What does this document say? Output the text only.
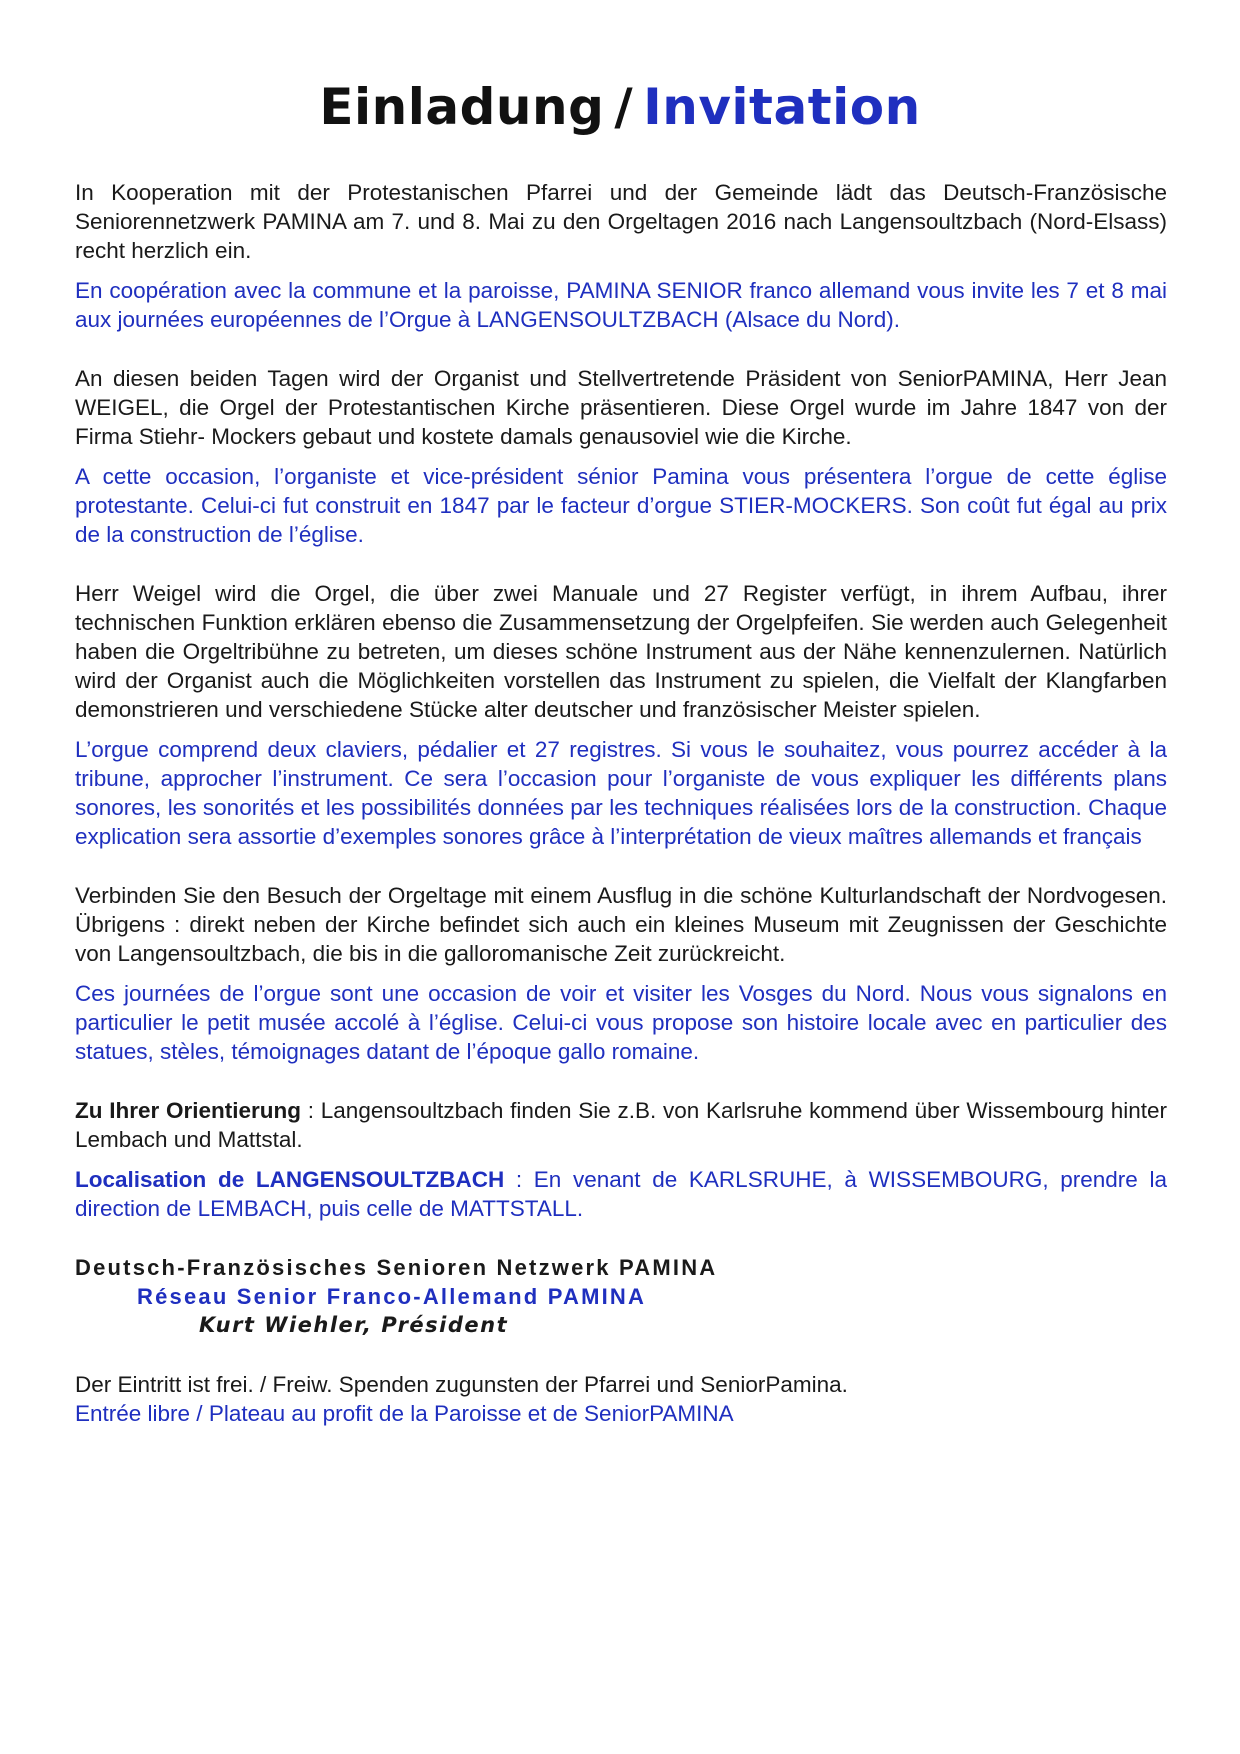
Einladung / Invitation

In Kooperation mit der Protestanischen Pfarrei und der Gemeinde lädt das Deutsch-Französische Seniorennetzwerk PAMINA am 7. und 8. Mai zu den Orgeltagen 2016 nach Langensoultzbach (Nord-Elsass) recht herzlich ein.

En coopération avec la commune et la paroisse, PAMINA SENIOR franco allemand vous invite les 7 et 8 mai aux journées européennes de l’Orgue à LANGENSOULTZBACH (Alsace du Nord).

An diesen beiden Tagen wird der Organist und Stellvertretende Präsident von SeniorPAMINA, Herr Jean WEIGEL, die Orgel der Protestantischen Kirche präsentieren. Diese Orgel wurde im Jahre 1847 von der Firma Stiehr- Mockers gebaut und kostete damals genausoviel wie die Kirche.

A cette occasion, l’organiste et vice-président sénior Pamina vous présentera l’orgue de cette église protestante. Celui-ci fut construit en 1847 par le facteur d’orgue STIER-MOCKERS. Son coût fut égal au prix de la construction de l’église.

Herr Weigel wird die Orgel, die über zwei Manuale und 27 Register verfügt, in ihrem Aufbau, ihrer technischen Funktion erklären ebenso die Zusammensetzung der Orgelpfeifen. Sie werden auch Gelegenheit haben die Orgeltribühne zu betreten, um dieses schöne Instrument aus der Nähe kennenzulernen. Natürlich wird der Organist auch die Möglichkeiten vorstellen das Instrument zu spielen, die Vielfalt der Klangfarben demonstrieren und verschiedene Stücke alter deutscher und französischer Meister spielen.

L’orgue comprend deux claviers, pédalier et 27 registres. Si vous le souhaitez, vous pourrez accéder à la tribune, approcher l’instrument. Ce sera l’occasion pour l’organiste de vous expliquer les différents plans sonores, les sonorités et les possibilités données par les techniques réalisées lors de la construction. Chaque explication sera assortie d’exemples sonores grâce à l’interprétation de vieux maîtres allemands et français

Verbinden Sie den Besuch der Orgeltage mit einem Ausflug in die schöne Kulturlandschaft der Nordvogesen. Übrigens : direkt neben der Kirche befindet sich auch ein kleines Museum mit Zeugnissen der Geschichte von Langensoultzbach, die bis in die galloromanische Zeit zurückreicht.

Ces journées de l’orgue sont une occasion de voir et visiter les Vosges du Nord. Nous vous signalons en particulier le petit musée accolé à l’église. Celui-ci vous propose son histoire locale avec en particulier des statues, stèles, témoignages datant de l’époque gallo romaine.

Zu Ihrer Orientierung : Langensoultzbach finden Sie z.B. von Karlsruhe kommend über Wissembourg hinter Lembach und Mattstal.

Localisation de LANGENSOULTZBACH : En venant de KARLSRUHE, à WISSEMBOURG, prendre la direction de LEMBACH, puis celle de MATTSTALL.

Deutsch-Französisches Senioren Netzwerk PAMINA
Réseau Senior Franco-Allemand PAMINA
Kurt Wiehler, Président

Der Eintritt ist frei. / Freiw. Spenden zugunsten der Pfarrei und SeniorPamina.

Entrée libre / Plateau au profit de la Paroisse et de SeniorPAMINA
